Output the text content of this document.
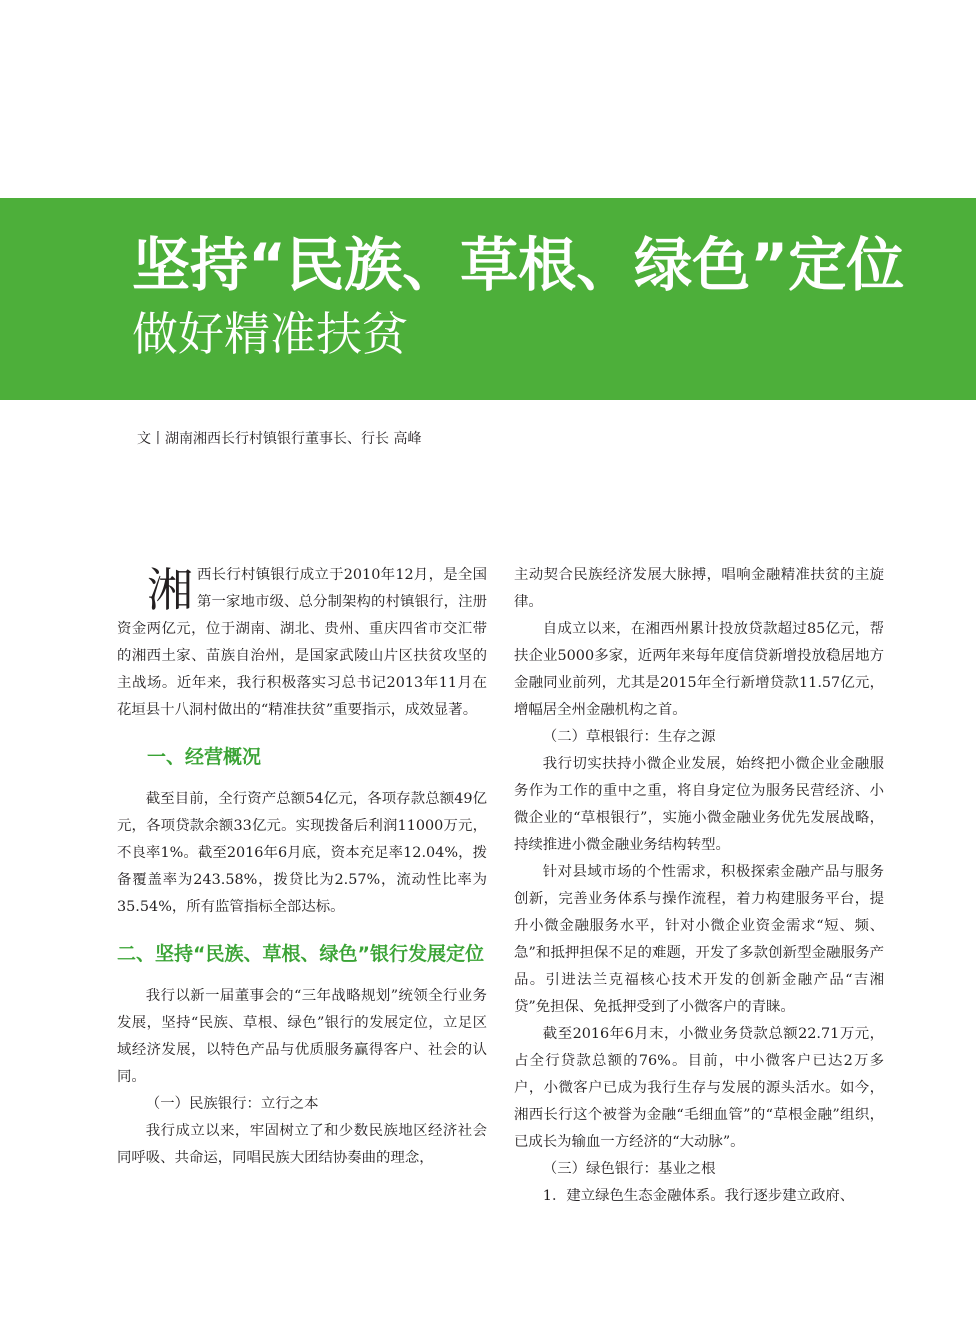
坚持“民族、草根、绿色”定位
做好精准扶贫
文丨湖南湘西长行村镇银行董事长、行长 高峰

湘西长行村镇银行成立于2010年12月，是全国第一家地市级、总分制架构的村镇银行，注册资金两亿元，位于湖南、湖北、贵州、重庆四省市交汇带的湘西土家、苗族自治州，是国家武陵山片区扶贫攻坚的主战场。近年来，我行积极落实习总书记2013年11月在花垣县十八洞村做出的“精准扶贫”重要指示，成效显著。

一、经营概况

截至目前，全行资产总额54亿元，各项存款总额49亿元，各项贷款余额33亿元。实现拨备后利润11000万元，不良率1%。截至2016年6月底，资本充足率12.04%，拨备覆盖率为243.58%，拨贷比为2.57%，流动性比率为35.54%，所有监管指标全部达标。

二、坚持“民族、草根、绿色”银行发展定位

我行以新一届董事会的“三年战略规划”统领全行业务发展，坚持“民族、草根、绿色”银行的发展定位，立足区域经济发展，以特色产品与优质服务赢得客户、社会的认同。

（一）民族银行：立行之本

我行成立以来，牢固树立了和少数民族地区经济社会同呼吸、共命运，同唱民族大团结协奏曲的理念，

主动契合民族经济发展大脉搏，唱响金融精准扶贫的主旋律。

自成立以来，在湘西州累计投放贷款超过85亿元，帮扶企业5000多家，近两年来每年度信贷新增投放稳居地方金融同业前列，尤其是2015年全行新增贷款11.57亿元，增幅居全州金融机构之首。

（二）草根银行：生存之源

我行切实扶持小微企业发展，始终把小微企业金融服务作为工作的重中之重，将自身定位为服务民营经济、小微企业的“草根银行”，实施小微金融业务优先发展战略，持续推进小微金融业务结构转型。

针对县域市场的个性需求，积极探索金融产品与服务创新，完善业务体系与操作流程，着力构建服务平台，提升小微金融服务水平，针对小微企业资金需求“短、频、急”和抵押担保不足的难题，开发了多款创新型金融服务产品。引进法兰克福核心技术开发的创新金融产品“吉湘贷”免担保、免抵押受到了小微客户的青睐。

截至2016年6月末，小微业务贷款总额22.71万元，占全行贷款总额的76%。目前，中小微客户已达2万多户，小微客户已成为我行生存与发展的源头活水。如今，湘西长行这个被誉为金融“毛细血管”的“草根金融”组织，已成长为输血一方经济的“大动脉”。

（三）绿色银行：基业之根

1．建立绿色生态金融体系。我行逐步建立政府、
